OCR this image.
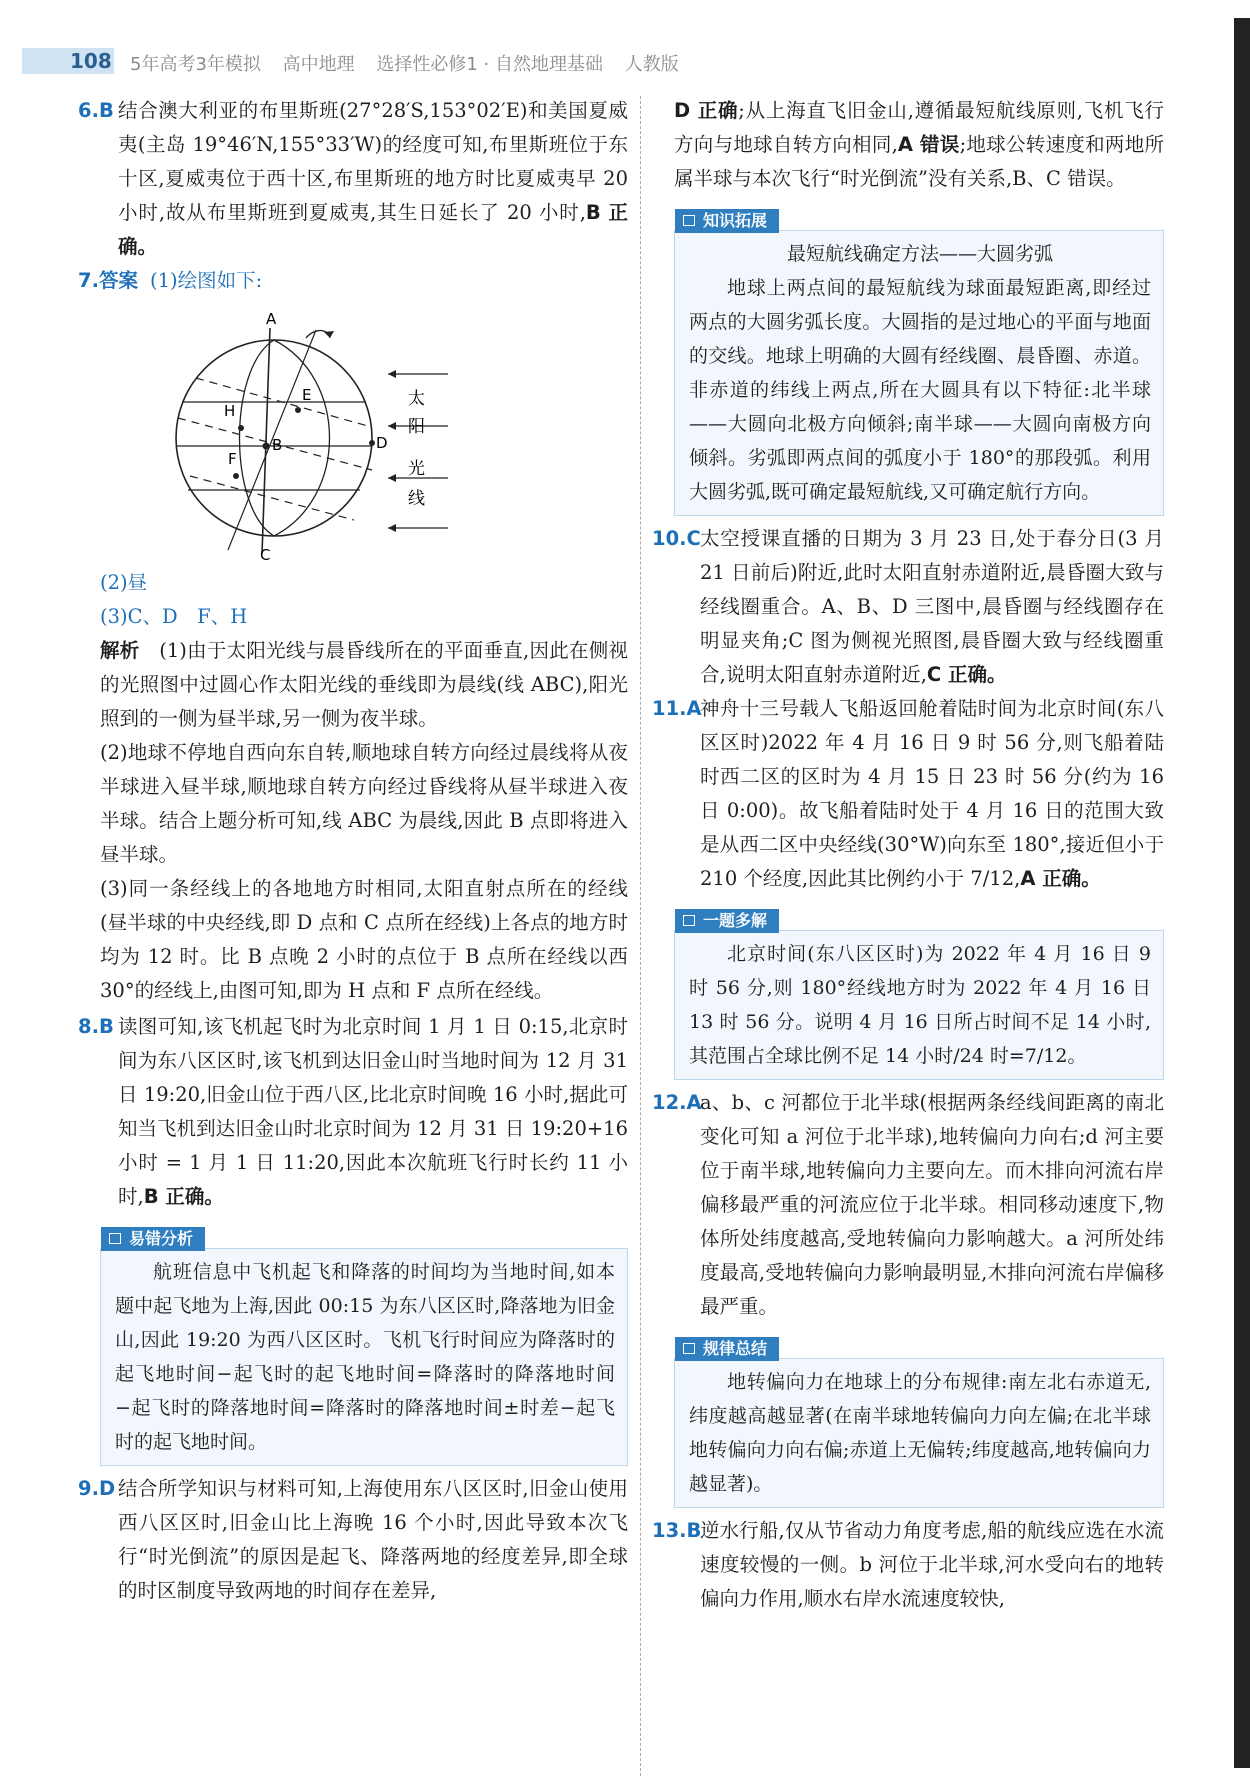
108 5年高考3年模拟 高中地理 选择性必修1 · 自然地理基础 人教版
6.B 结合澳大利亚的布里斯班(27°28′S,153°02′E)和美国夏威夷(主岛 19°46′N,155°33′W)的经度可知,布里斯班位于东十区,夏威夷位于西十区,布里斯班的地方时比夏威夷早 20 小时,故从布里斯班到夏威夷,其生日延长了 20 小时,B 正确。

7.答案 (1)绘图如下:

A
B
C
D
E
F
H
太
阳
光
线

(2)昼

(3)C、D　F、H

解析　 (1)由于太阳光线与晨昏线所在的平面垂直,因此在侧视的光照图中过圆心作太阳光线的垂线即为晨线(线 ABC),阳光照到的一侧为昼半球,另一侧为夜半球。

(2)地球不停地自西向东自转,顺地球自转方向经过晨线将从夜半球进入昼半球,顺地球自转方向经过昏线将从昼半球进入夜半球。结合上题分析可知,线 ABC 为晨线,因此 B 点即将进入昼半球。

(3)同一条经线上的各地地方时相同,太阳直射点所在的经线(昼半球的中央经线,即 D 点和 C 点所在经线)上各点的地方时均为 12 时。比 B 点晚 2 小时的点位于 B 点所在经线以西 30°的经线上,由图可知,即为 H 点和 F 点所在经线。

8.B 读图可知,该飞机起飞时为北京时间 1 月 1 日 0:15,北京时间为东八区区时,该飞机到达旧金山时当地时间为 12 月 31 日 19:20,旧金山位于西八区,比北京时间晚 16 小时,据此可知当飞机到达旧金山时北京时间为 12 月 31 日 19:20+16 小时 = 1 月 1 日 11:20,因此本次航班飞行时长约 11 小时,B 正确。
易错分析

航班信息中飞机起飞和降落的时间均为当地时间,如本题中起飞地为上海,因此 00:15 为东八区区时,降落地为旧金山,因此 19:20 为西八区区时。飞机飞行时间应为降落时的起飞地时间−起飞时的起飞地时间=降落时的降落地时间−起飞时的降落地时间=降落时的降落地时间±时差−起飞时的起飞地时间。

9.D 结合所学知识与材料可知,上海使用东八区区时,旧金山使用西八区区时,旧金山比上海晚 16 个小时,因此导致本次飞行“时光倒流”的原因是起飞、降落两地的经度差异,即全球的时区制度导致两地的时间存在差异,

D 正确;从上海直飞旧金山,遵循最短航线原则,飞机飞行方向与地球自转方向相同,A 错误;地球公转速度和两地所属半球与本次飞行“时光倒流”没有关系,B、C 错误。

知识拓展

最短航线确定方法——大圆劣弧

地球上两点间的最短航线为球面最短距离,即经过两点的大圆劣弧长度。大圆指的是过地心的平面与地面的交线。地球上明确的大圆有经线圈、晨昏圈、赤道。非赤道的纬线上两点,所在大圆具有以下特征:北半球——大圆向北极方向倾斜;南半球——大圆向南极方向倾斜。劣弧即两点间的弧度小于 180°的那段弧。利用大圆劣弧,既可确定最短航线,又可确定航行方向。

10.C 太空授课直播的日期为 3 月 23 日,处于春分日(3 月 21 日前后)附近,此时太阳直射赤道附近,晨昏圈大致与经线圈重合。A、B、D 三图中,晨昏圈与经线圈存在明显夹角;C 图为侧视光照图,晨昏圈大致与经线圈重合,说明太阳直射赤道附近,C 正确。
11.A
神舟十三号载人飞船返回舱着陆时间为北京时间(东八区区时)2022 年 4 月 16 日 9 时 56 分,则飞船着陆时西二区的区时为 4 月 15 日 23 时 56 分(约为 16 日 0:00)。故飞船着陆时处于 4 月 16 日的范围大致是从西二区中央经线(30°W)向东至 180°,接近但小于 210 个经度,因此其比例约小于 7/12,A 正确。
一题多解

北京时间(东八区区时)为 2022 年 4 月 16 日 9 时 56 分,则 180°经线地方时为 2022 年 4 月 16 日 13 时 56 分。说明 4 月 16 日所占时间不足 14 小时,其范围占全球比例不足 14 小时/24 时=7/12。

12.A
a、b、c 河都位于北半球(根据两条经线间距离的南北变化可知 a 河位于北半球),地转偏向力向右;d 河主要位于南半球,地转偏向力主要向左。而木排向河流右岸偏移最严重的河流应位于北半球。相同移动速度下,物体所处纬度越高,受地转偏向力影响越大。a 河所处纬度最高,受地转偏向力影响最明显,木排向河流右岸偏移最严重。
规律总结

地转偏向力在地球上的分布规律:南左北右赤道无,纬度越高越显著(在南半球地转偏向力向左偏;在北半球地转偏向力向右偏;赤道上无偏转;纬度越高,地转偏向力越显著)。

13.B
逆水行船,仅从节省动力角度考虑,船的航线应选在水流速度较慢的一侧。b 河位于北半球,河水受向右的地转偏向力作用,顺水右岸水流速度较快,
